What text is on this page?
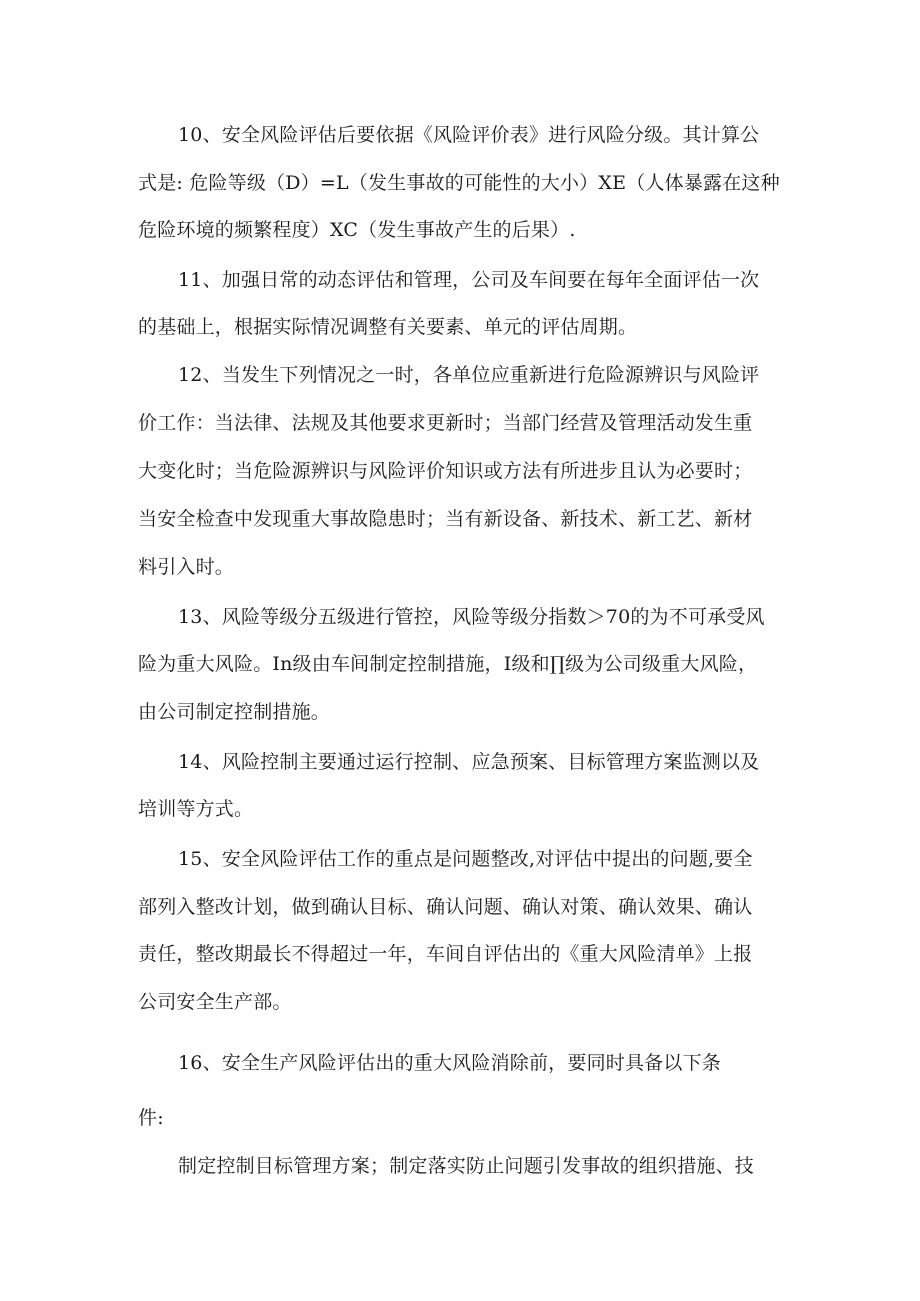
10、安全风险评估后要依据《风险评价表》进行风险分级。其计算公
式是: 危险等级（D）=L（发生事故的可能性的大小）XE（人体暴露在这种
危险环境的频繁程度）XC（发生事故产生的后果）.
11、加强日常的动态评估和管理，公司及车间要在每年全面评估一次
的基础上，根据实际情况调整有关要素、单元的评估周期。
12、当发生下列情况之一时，各单位应重新进行危险源辨识与风险评
价工作：当法律、法规及其他要求更新时；当部门经营及管理活动发生重
大变化时；当危险源辨识与风险评价知识或方法有所进步且认为必要时；
当安全检查中发现重大事故隐患时；当有新设备、新技术、新工艺、新材
料引入时。
13、风险等级分五级进行管控，风险等级分指数＞70的为不可承受风
险为重大风险。In级由车间制定控制措施，I级和∏级为公司级重大风险，
由公司制定控制措施。
14、风险控制主要通过运行控制、应急预案、目标管理方案监测以及
培训等方式。
15、安全风险评估工作的重点是问题整改,对评估中提出的问题,要全
部列入整改计划，做到确认目标、确认问题、确认对策、确认效果、确认
责任，整改期最长不得超过一年，车间自评估出的《重大风险清单》上报
公司安全生产部。
16、安全生产风险评估出的重大风险消除前，要同时具备以下条
件:
制定控制目标管理方案；制定落实防止问题引发事故的组织措施、技
